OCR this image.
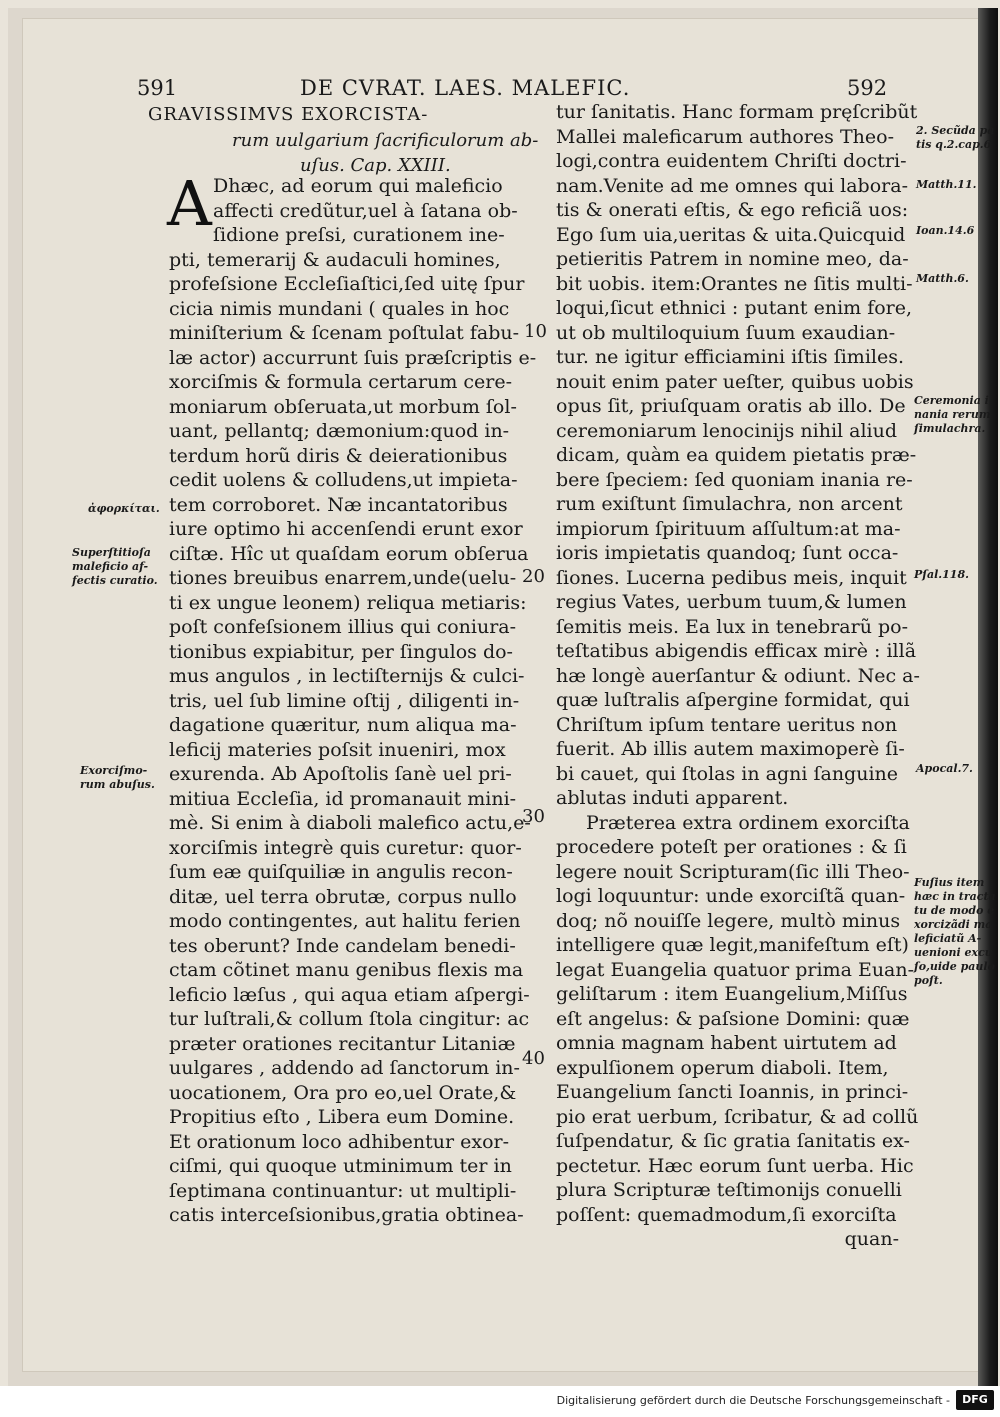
591	DE CVRAT. LAES. MALEFIC.	592
GRAVISSIMVS EXORCISTA-
rum uulgarium ſacrificulorum ab-
uſus. Cap. XXIII.
A Dhæc, ad eorum qui maleficio
affecti credũtur,uel à ſatana ob-
ſidione preſsi, curationem ine-
pti, temerarij & audaculi homines,
profeſsione Eccleſiaſtici,ſed uitę ſpur
cicia nimis mundani ( quales in hoc
miniſterium & ſcenam poſtulat fabu-
læ actor) accurrunt ſuis præſcriptis e-
xorciſmis & formula certarum cere-
moniarum obſeruata,ut morbum ſol-
uant, pellantq; dæmonium:quod in-
terdum horũ diris & deierationibus
cedit uolens & colludens,ut impieta-
tem corroboret. Næ incantatoribus
iure optimo hi accenſendi erunt exor
ciſtæ. Hîc ut quaſdam eorum obſerua
tiones breuibus enarrem,unde(uelu-
ti ex ungue leonem) reliqua metiaris:
poſt confeſsionem illius qui coniura-
tionibus expiabitur, per ſingulos do-
mus angulos , in lectiſternijs & culci-
tris, uel ſub limine oſtij , diligenti in-
dagatione quæritur, num aliqua ma-
leficij materies poſsit inueniri, mox
exurenda. Ab Apoſtolis ſanè uel pri-
mitiua Eccleſia, id promanauit mini-
mè. Si enim à diaboli malefico actu,e-
xorciſmis integrè quis curetur: quor-
ſum eæ quiſquiliæ in angulis recon-
ditæ, uel terra obrutæ, corpus nullo
modo contingentes, aut halitu ferien
tes oberunt? Inde candelam benedi-
ctam cõtinet manu genibus flexis ma
leficio læſus , qui aqua etiam aſpergi-
tur luſtrali,& collum ſtola cingitur: ac
præter orationes recitantur Litaniæ
uulgares , addendo ad ſanctorum in-
uocationem, Ora pro eo,uel Orate,&
Propitius eſto , Libera eum Domine.
Et orationum loco adhibentur exor-
ciſmi, qui quoque utminimum ter in
ſeptimana continuantur: ut multipli-
catis interceſsionibus,gratia obtinea-
tur ſanitatis. Hanc formam pręſcribũt
Mallei maleficarum authores Theo-
logi,contra euidentem Chriſti doctri-
nam.Venite ad me omnes qui labora-
tis & onerati eſtis, & ego reficiã uos:
Ego ſum uia,ueritas & uita.Quicquid
petieritis Patrem in nomine meo, da-
bit uobis. item:Orantes ne ſitis multi-
loqui,ſicut ethnici : putant enim fore,
ut ob multiloquium ſuum exaudian-
tur. ne igitur efficiamini iſtis ſimiles.
nouit enim pater ueſter, quibus uobis
opus ſit, priuſquam oratis ab illo. De
ceremoniarum lenocinijs nihil aliud
dicam, quàm ea quidem pietatis præ-
bere ſpeciem: ſed quoniam inania re-
rum exiſtunt ſimulachra, non arcent
impiorum ſpirituum aſſultum:at ma-
ioris impietatis quandoq; ſunt occa-
ſiones. Lucerna pedibus meis, inquit
regius Vates, uerbum tuum,& lumen
ſemitis meis. Ea lux in tenebrarũ po-
teſtatibus abigendis efficax mirè : illã
hæ longè auerſantur & odiunt. Nec a-
quæ luſtralis aſpergine formidat, qui
Chriſtum ipſum tentare ueritus non
fuerit. Ab illis autem maximoperè ſi-
bi cauet, qui ſtolas in agni ſanguine
ablutas induti apparent.
Præterea extra ordinem exorciſta
procedere poteſt per orationes : & ſi
legere nouit Scripturam(ſic illi Theo-
logi loquuntur: unde exorciſtã quan-
doq; nõ nouiſſe legere, multò minus
intelligere quæ legit,manifeſtum eſt)
legat Euangelia quatuor prima Euan-
geliſtarum : item Euangelium,Miſſus
eſt angelus: & paſsione Domini: quæ
omnia magnam habent uirtutem ad
expulſionem operum diaboli. Item,
Euangelium ſancti Ioannis, in princi-
pio erat uerbum, ſcribatur, & ad collũ
ſuſpendatur, & ſic gratia ſanitatis ex-
pectetur. Hæc eorum ſunt uerba. Hic
plura Scripturæ teſtimonijs conuelli
poſſent: quemadmodum,ſi exorciſta
quan-
10
20
30
40
ἀφορκίται.
Superſtitioſa
maleficio af-
fectis curatio.
Exorciſmo-
rum abuſus.
2. Secũda pa
tis q.2.cap.6
Matth.11.
Ioan.14.6
Matth.6.
Ceremonia i
nania rerum
ſimulachra.
Pſal.118.
Apocal.7.
Fuſius item
hæc in tracta
tu de modo e
xorcizãdi ma
leficiatũ A-
uenioni excu
ſo,uide paulo
poſt.
Digitalisierung gefördert durch die Deutsche Forschungsgemeinschaft -	DFG
